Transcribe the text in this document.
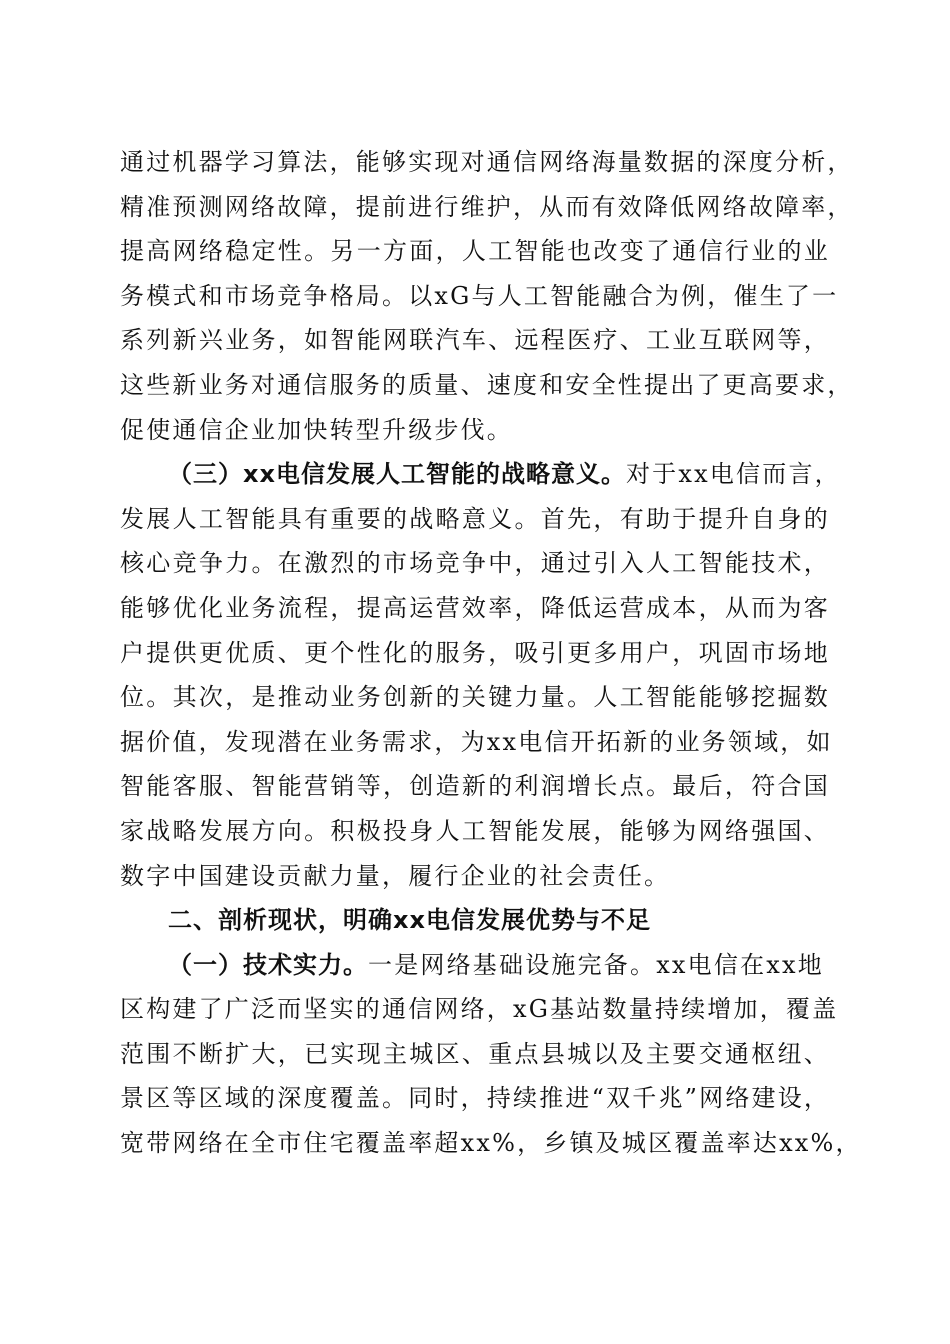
通过机器学习算法，能够实现对通信网络海量数据的深度分析，
精准预测网络故障，提前进行维护，从而有效降低网络故障率，
提高网络稳定性。另一方面，人工智能也改变了通信行业的业
务模式和市场竞争格局。以xG与人工智能融合为例，催生了一
系列新兴业务，如智能网联汽车、远程医疗、工业互联网等，
这些新业务对通信服务的质量、速度和安全性提出了更高要求，
促使通信企业加快转型升级步伐。
（三）xx电信发展人工智能的战略意义。对于xx电信而言，
发展人工智能具有重要的战略意义。首先，有助于提升自身的
核心竞争力。在激烈的市场竞争中，通过引入人工智能技术，
能够优化业务流程，提高运营效率，降低运营成本，从而为客
户提供更优质、更个性化的服务，吸引更多用户，巩固市场地
位。其次，是推动业务创新的关键力量。人工智能能够挖掘数
据价值，发现潜在业务需求，为xx电信开拓新的业务领域，如
智能客服、智能营销等，创造新的利润增长点。最后，符合国
家战略发展方向。积极投身人工智能发展，能够为网络强国、
数字中国建设贡献力量，履行企业的社会责任。
二、剖析现状，明确xx电信发展优势与不足
（一）技术实力。一是网络基础设施完备。xx电信在xx地
区构建了广泛而坚实的通信网络，xG基站数量持续增加，覆盖
范围不断扩大，已实现主城区、重点县城以及主要交通枢纽、
景区等区域的深度覆盖。同时，持续推进“双千兆”网络建设，
宽带网络在全市住宅覆盖率超xx%，乡镇及城区覆盖率达xx%，
